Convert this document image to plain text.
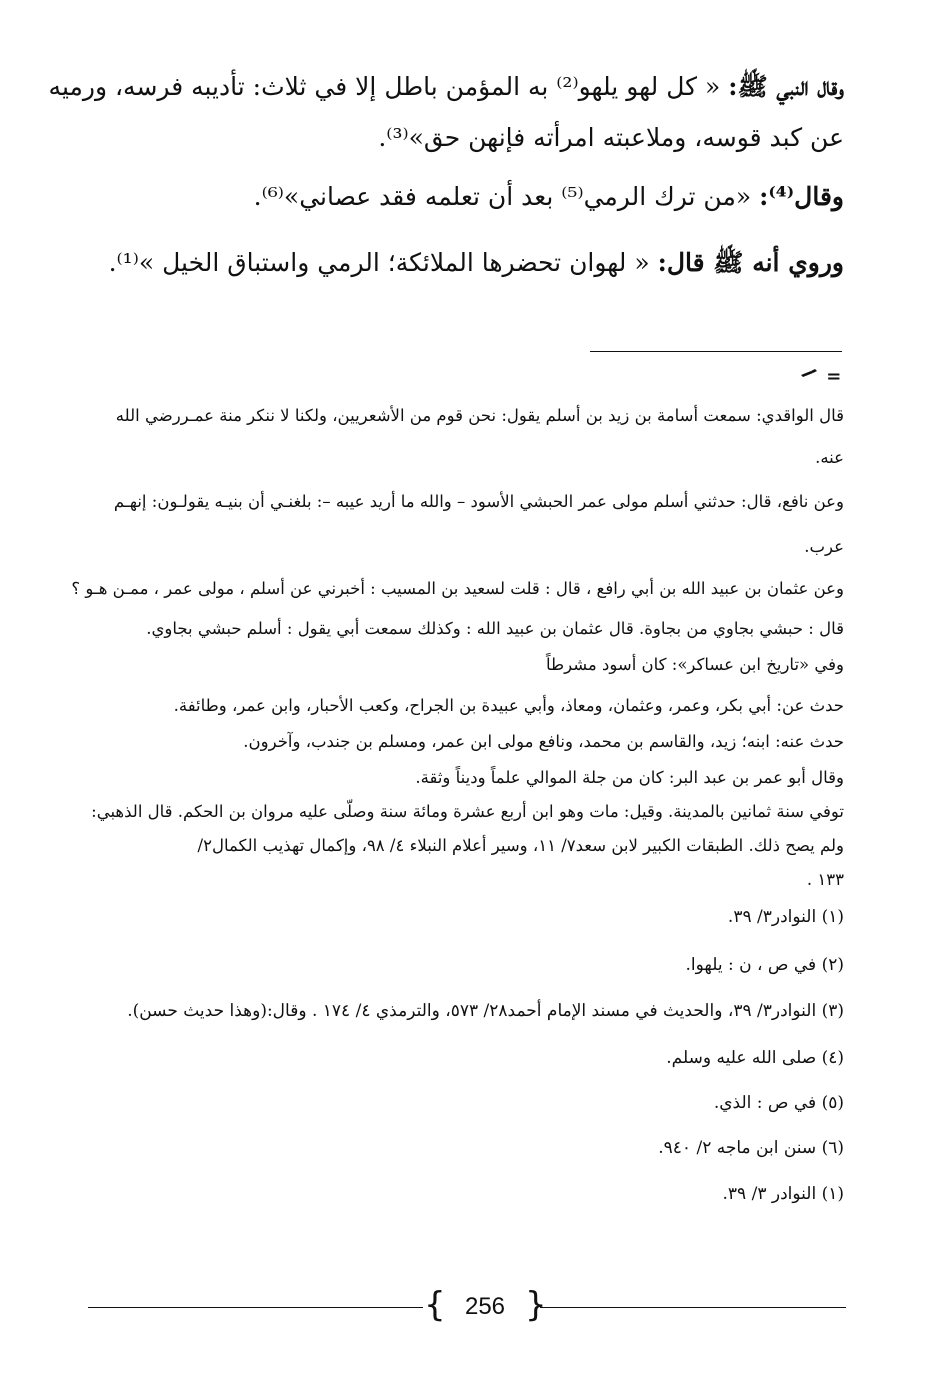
وقال النبي ﷺ: « كل لهو يلهو⁽²⁾ به المؤمن باطل إلا في ثلاث: تأديبه فرسه، ورميه
عن كبد قوسه، وملاعبته امرأته فإنهن حق»⁽³⁾.
وقال⁽⁴⁾: «من ترك الرمي⁽⁵⁾ بعد أن تعلمه فقد عصاني»⁽⁶⁾.
وروي أنه ﷺ قال: « لهوان تحضرها الملائكة؛ الرمي واستباق الخيل »⁽¹⁾.
=
قال الواقدي: سمعت أسامة بن زيد بن أسلم يقول: نحن قوم من الأشعريين، ولكنا لا ننكر منة عمـررضي الله
عنه.
وعن نافع، قال: حدثني أسلم مولى عمر الحبشي الأسود – والله ما أريد عيبه –: بلغنـي أن بنيـه يقولـون: إنهـم
عرب.
وعن عثمان بن عبيد الله بن أبي رافع ، قال : قلت لسعيد بن المسيب : أخبرني عن أسلم ، مولى عمر ، ممـن هـو ؟
قال : حبشي بجاوي من بجاوة. قال عثمان بن عبيد الله : وكذلك سمعت أبي يقول : أسلم حبشي بجاوي.
وفي «تاريخ ابن عساكر»: كان أسود مشرطاً
حدث عن: أبي بكر، وعمر، وعثمان، ومعاذ، وأبي عبيدة بن الجراح، وكعب الأحبار، وابن عمر، وطائفة.
حدث عنه: ابنه؛ زيد، والقاسم بن محمد، ونافع مولى ابن عمر، ومسلم بن جندب، وآخرون.
وقال أبو عمر بن عبد البر: كان من جلة الموالي علماً وديناً وثقة.
توفي سنة ثمانين بالمدينة. وقيل: مات وهو ابن أربع عشرة ومائة سنة وصلّى عليه مروان بن الحكم. قال الذهبي:
ولم يصح ذلك. الطبقات الكبير لابن سعد٧/ ١١، وسير أعلام النبلاء ٤/ ٩٨، وإكمال تهذيب الكمال٢/
١٣٣ .
(١) النوادر٣/ ٣٩.
(٢) في ص ، ن : يلهوا.
(٣) النوادر٣/ ٣٩، والحديث في مسند الإمام أحمد٢٨/ ٥٧٣، والترمذي ٤/ ١٧٤ . وقال:(وهذا حديث حسن).
(٤) صلى الله عليه وسلم.
(٥) في ص : الذي.
(٦) سنن ابن ماجه ٢/ ٩٤٠.
(١) النوادر ٣/ ٣٩.
{ 256 }
